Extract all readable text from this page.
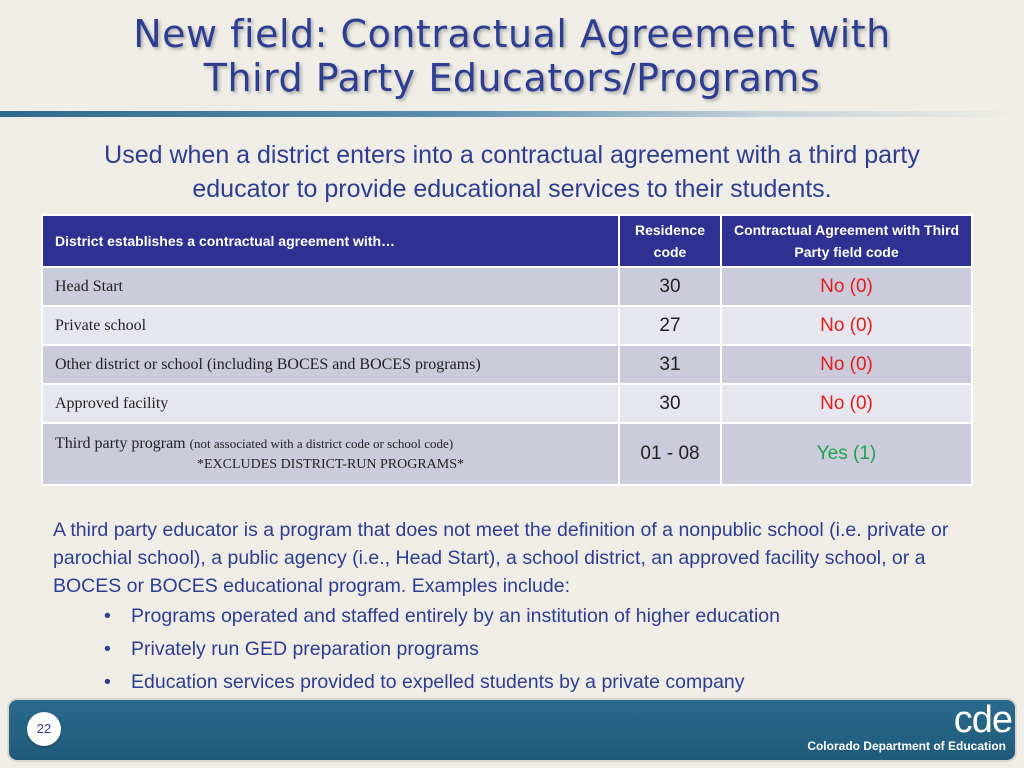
New field: Contractual Agreement with
Third Party Educators/Programs
Used when a district enters into a contractual agreement with a third party educator to provide educational services to their students.
District establishes a contractual agreement with…	Residence code	Contractual Agreement with Third Party field code
Head Start	30	No (0)
Private school	27	No (0)
Other district or school (including BOCES and BOCES programs)	31	No (0)
Approved facility	30	No (0)
Third party program (not associated with a district code or school code)
*EXCLUDES DISTRICT-RUN PROGRAMS*	01 - 08	Yes (1)
A third party educator is a program that does not meet the definition of a nonpublic school (i.e. private or parochial school), a public agency (i.e., Head Start), a school district, an approved facility school, or a BOCES or BOCES educational program. Examples include:
• Programs operated and staffed entirely by an institution of higher education
• Privately run GED preparation programs
• Education services provided to expelled students by a private company
22	cde
Colorado Department of Education
